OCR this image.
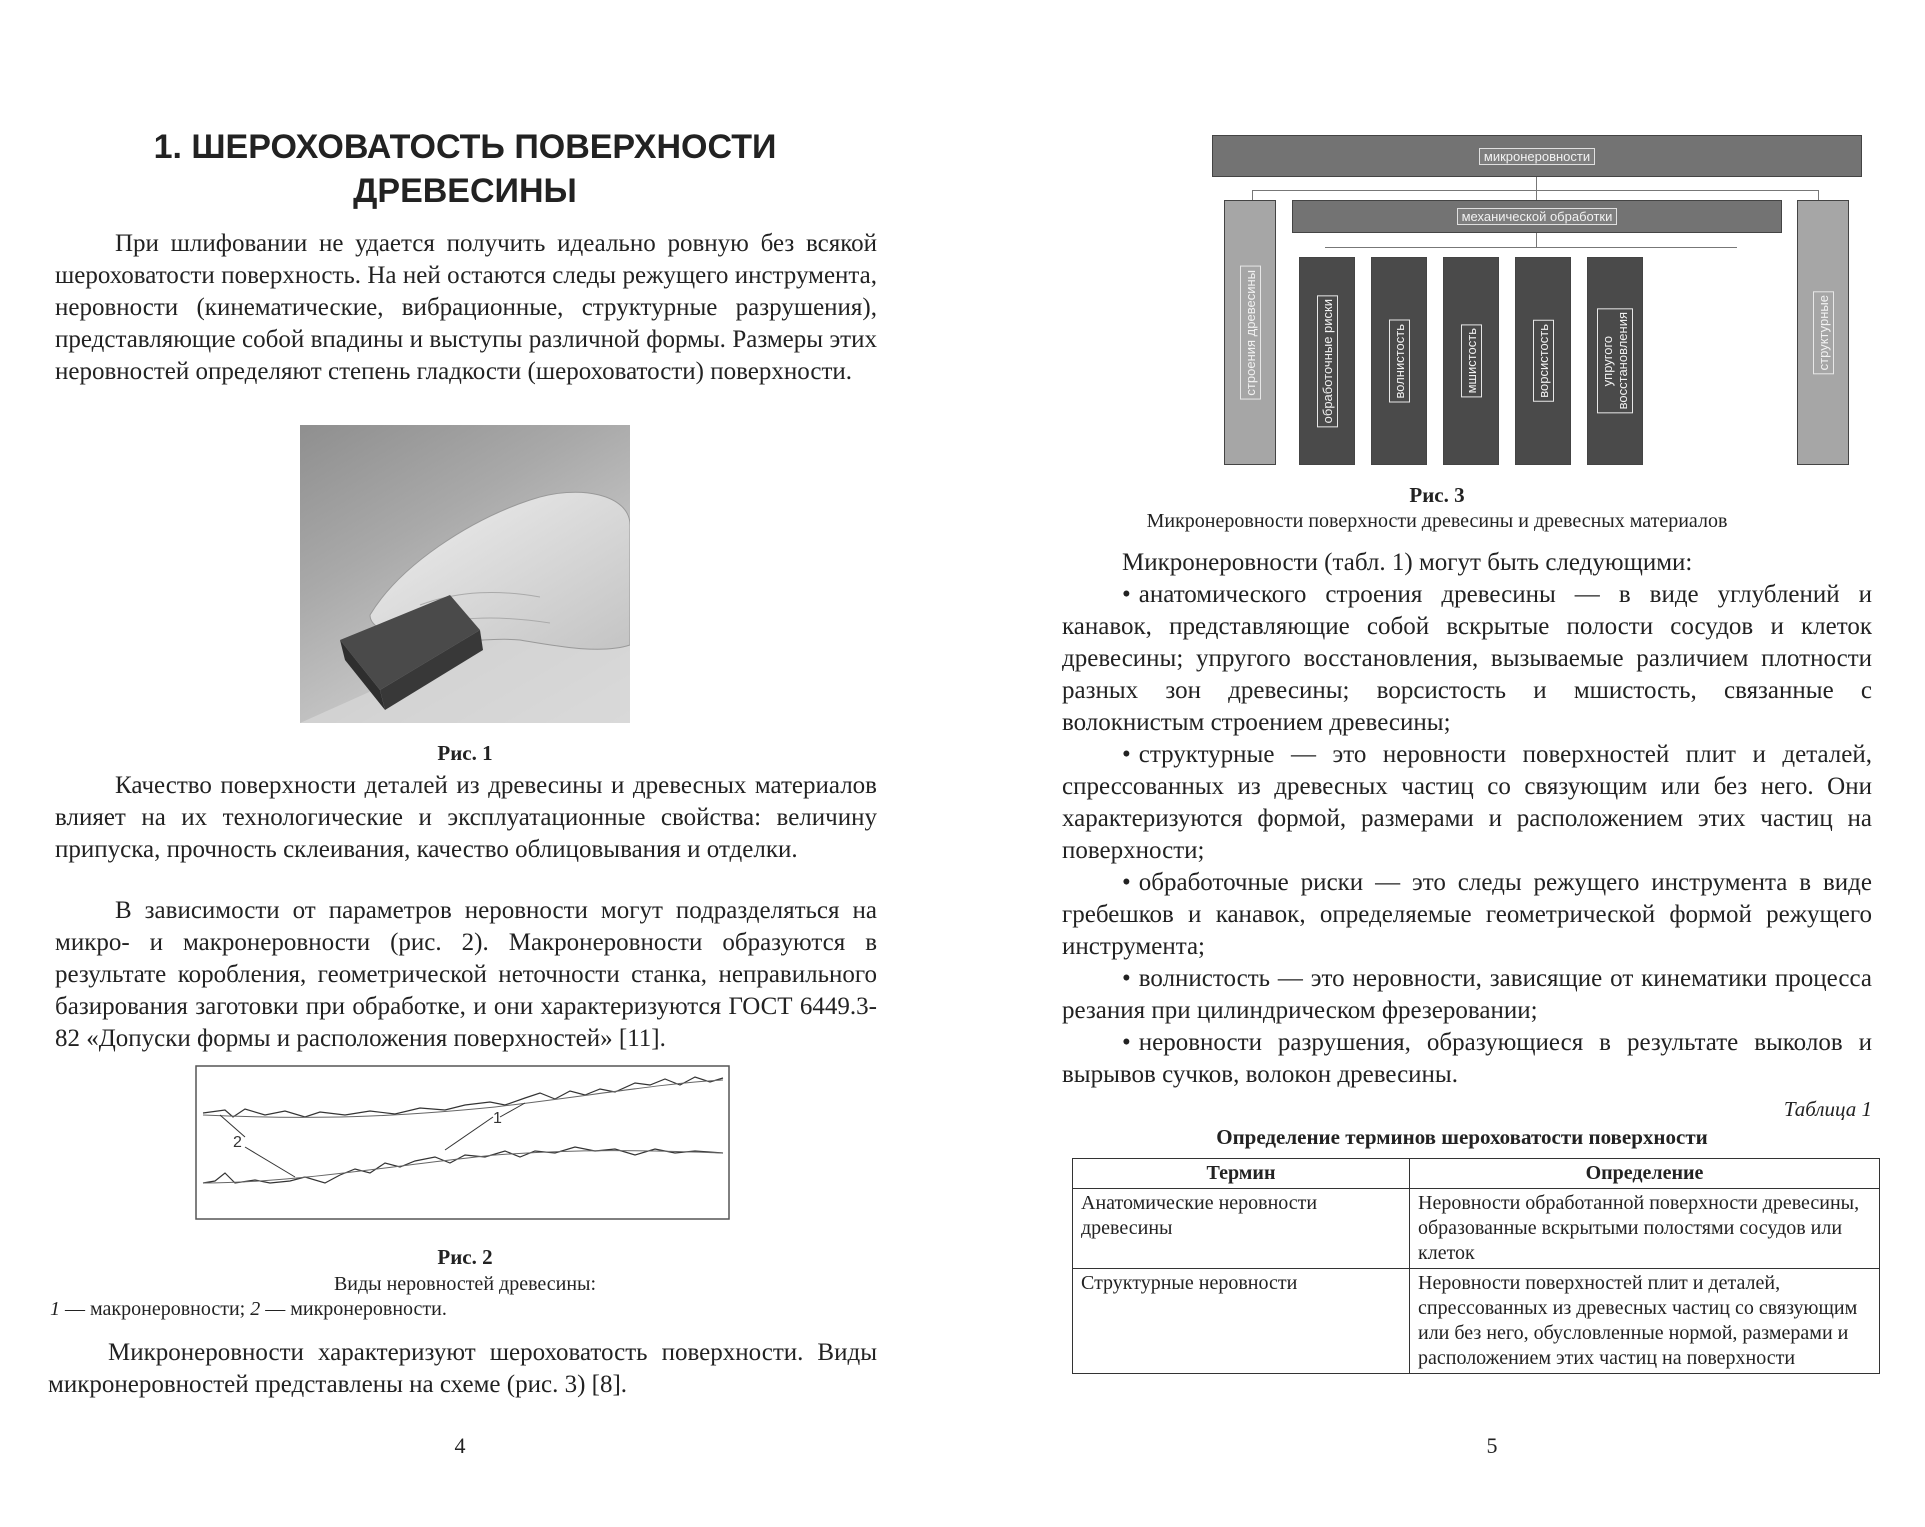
1. ШЕРОХОВАТОСТЬ ПОВЕРХНОСТИ ДРЕВЕСИНЫ

При шлифовании не удается получить идеально ровную без всякой шероховатости поверхность. На ней остаются следы режущего инструмента, неровности (кинематические, вибрационные, структурные разрушения), представляющие собой впадины и выступы различной формы. Размеры этих неровностей определяют степень гладкости (шероховатости) поверхности.

Рис. 1

Качество поверхности деталей из древесины и древесных материалов влияет на их технологические и эксплуатационные свойства: величину припуска, прочность склеивания, качество облицовывания и отделки.

В зависимости от параметров неровности могут подразделяться на микро- и макронеровности (рис. 2). Макронеровности образуются в результате коробления, геометрической неточности станка, неправильного базирования заготовки при обработке, и они характеризуются ГОСТ 6449.3-82 «Допуски формы и расположения поверхностей» [11].

1
2
Рис. 2
Виды неровностей древесины:
1 — макронеровности; 2 — микронеровности.

Микронеровности характеризуют шероховатость поверхности. Виды микронеровностей представлены на схеме (рис. 3) [8].

4
микронеровности
механической обработки
строения древесины	структурные
обработочные риски	волнистость	мшистость	ворсистость	упругого
восстановления
Рис. 3
Микронеровности поверхности древесины и древесных материалов

Микронеровности (табл. 1) могут быть следующими:

• анатомического строения древесины — в виде углублений и канавок, представляющие собой вскрытые полости сосудов и клеток древесины; упругого восстановления, вызываемые различием плотности разных зон древесины; ворсистость и мшистость, связанные с волокнистым строением древесины;

• структурные — это неровности поверхностей плит и деталей, спрессованных из древесных частиц со связующим или без него. Они характеризуются формой, размерами и расположением этих частиц на поверхности;

• обработочные риски — это следы режущего инструмента в виде гребешков и канавок, определяемые геометрической формой режущего инструмента;

• волнистость — это неровности, зависящие от кинематики процесса резания при цилиндрическом фрезеровании;

• неровности разрушения, образующиеся в результате выколов и вырывов сучков, волокон древесины.

Таблица 1
Определение терминов шероховатости поверхности
Термин	Определение
Анатомические неровности древесины	Неровности обработанной поверхности древесины, образованные вскрытыми полостями сосудов или клеток
Структурные неровности	Неровности поверхностей плит и деталей, спрессованных из древесных частиц со связующим или без него, обусловленные нормой, размерами и расположением этих частиц на поверхности
5
